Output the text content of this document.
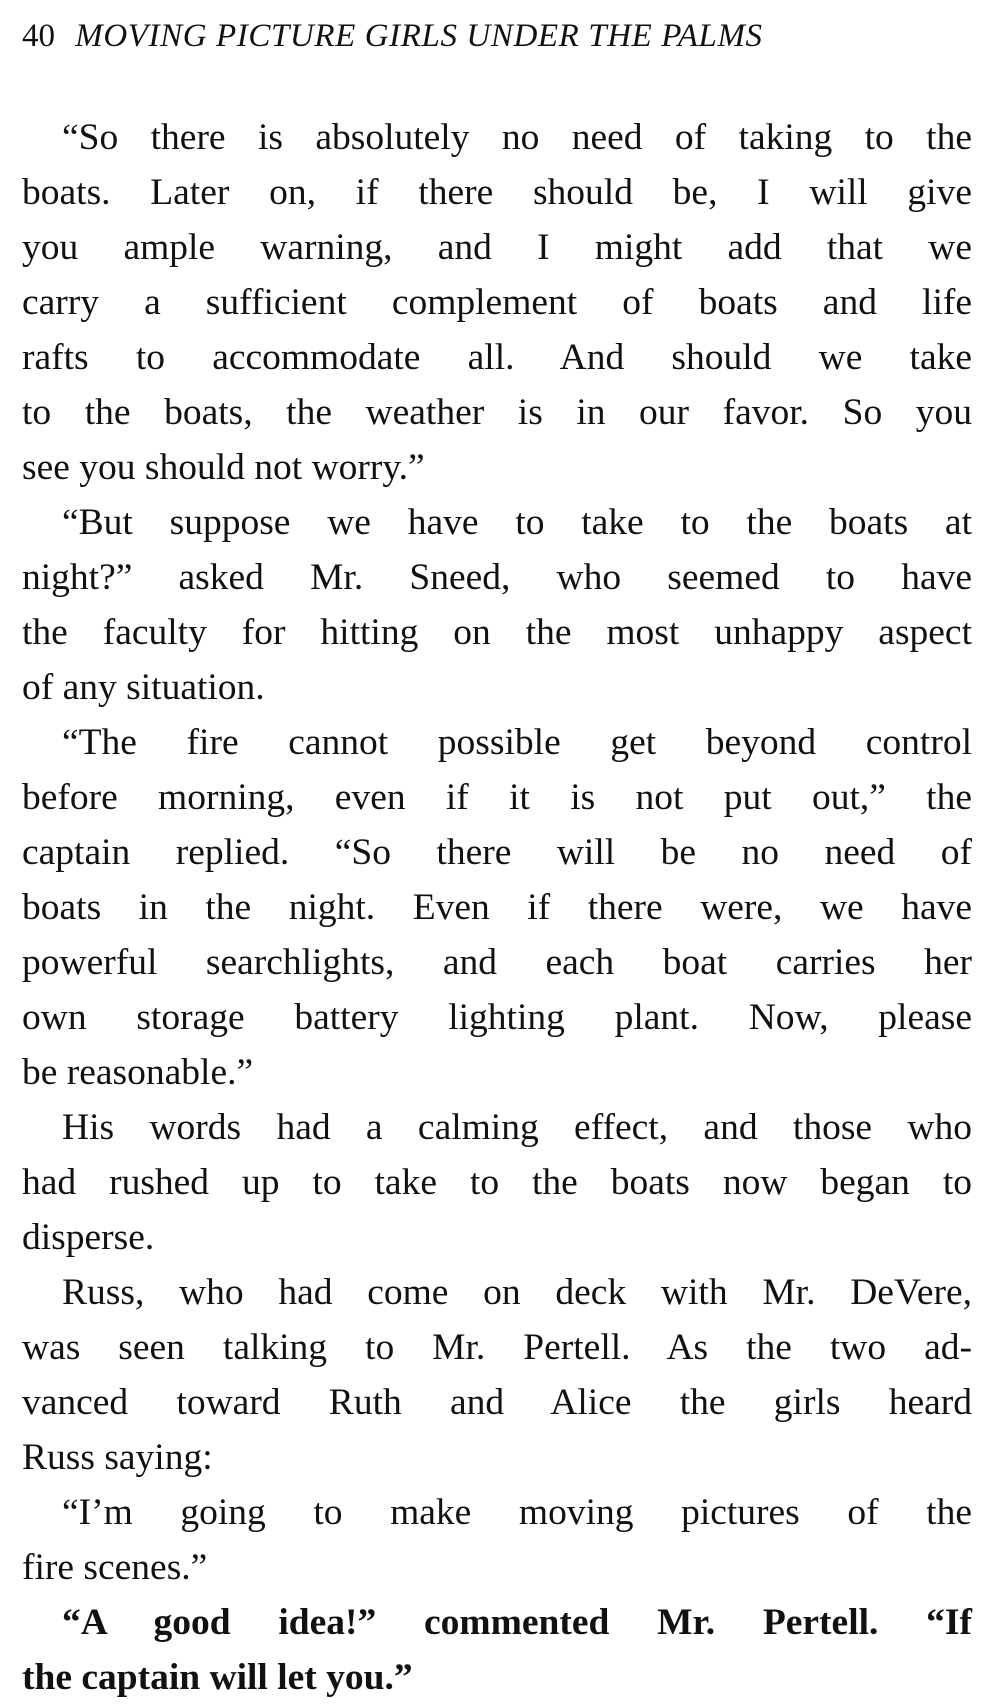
40 MOVING PICTURE GIRLS UNDER THE PALMS

“So there is absolutely no need of taking to the
boats. Later on, if there should be, I will give
you ample warning, and I might add that we
carry a sufficient complement of boats and life
rafts to accommodate all. And should we take
to the boats, the weather is in our favor. So you
see you should not worry.”

“But suppose we have to take to the boats at
night?” asked Mr. Sneed, who seemed to have
the faculty for hitting on the most unhappy aspect
of any situation.

“The fire cannot possible get beyond control
before morning, even if it is not put out,” the
captain replied. “So there will be no need of
boats in the night. Even if there were, we have
powerful searchlights, and each boat carries her
own storage battery lighting plant. Now, please
be reasonable.”

His words had a calming effect, and those who
had rushed up to take to the boats now began to
disperse.

Russ, who had come on deck with Mr. DeVere,
was seen talking to Mr. Pertell. As the two ad-
vanced toward Ruth and Alice the girls heard
Russ saying:

“I’m going to make moving pictures of the
fire scenes.”

“A good idea!” commented Mr. Pertell. “If
the captain will let you.”
